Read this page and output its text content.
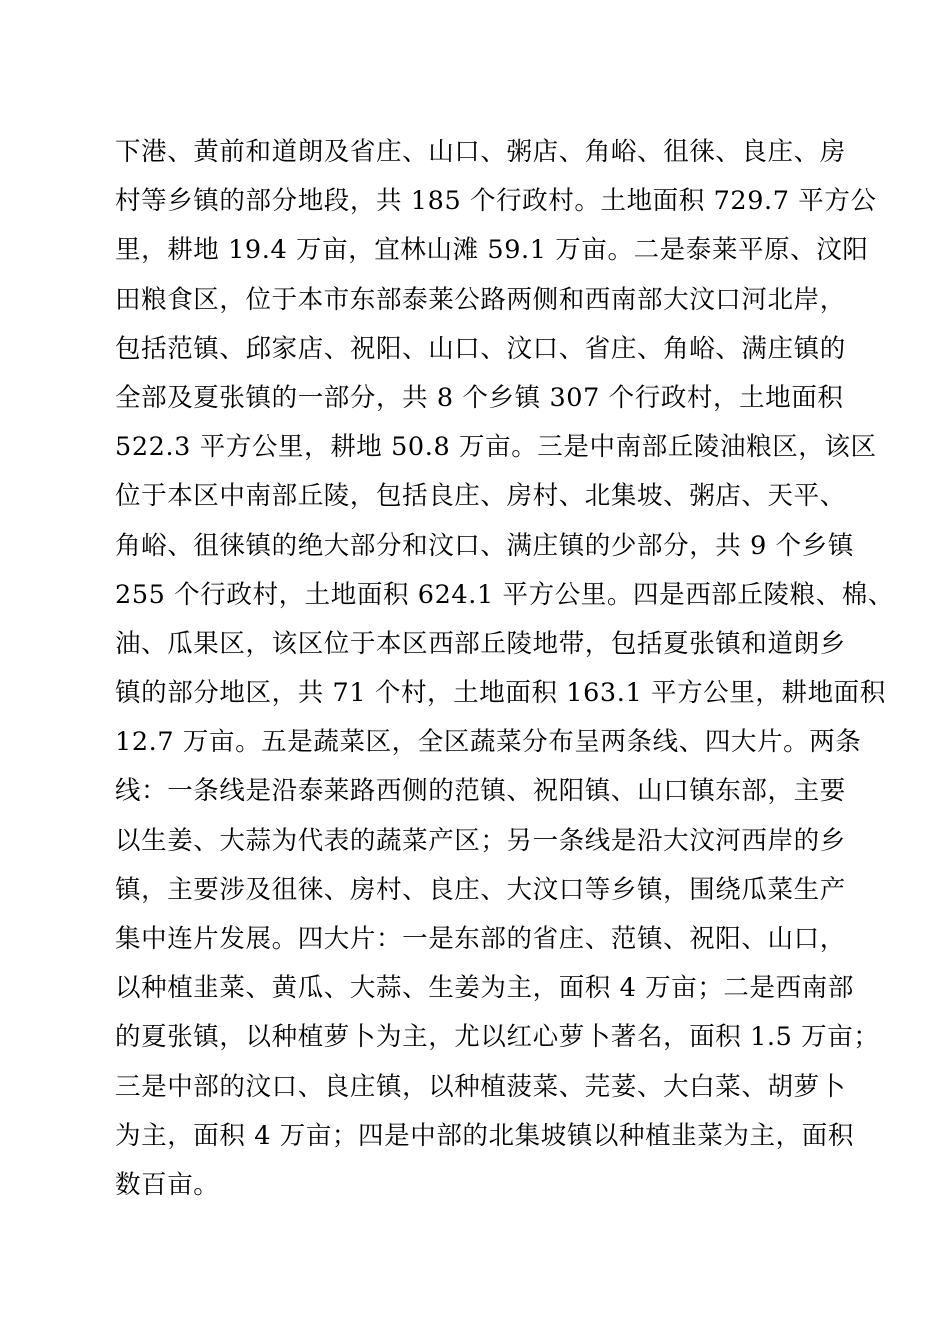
下港、黄前和道朗及省庄、山口、粥店、角峪、徂徕、良庄、房
村等乡镇的部分地段，共 185 个行政村。土地面积 729.7 平方公
里，耕地 19.4 万亩，宜林山滩 59.1 万亩。二是泰莱平原、汶阳
田粮食区，位于本市东部泰莱公路两侧和西南部大汶口河北岸，
包括范镇、邱家店、祝阳、山口、汶口、省庄、角峪、满庄镇的
全部及夏张镇的一部分，共 8 个乡镇 307 个行政村，土地面积
522.3 平方公里，耕地 50.8 万亩。三是中南部丘陵油粮区，该区
位于本区中南部丘陵，包括良庄、房村、北集坡、粥店、天平、
角峪、徂徕镇的绝大部分和汶口、满庄镇的少部分，共 9 个乡镇
255 个行政村，土地面积 624.1 平方公里。四是西部丘陵粮、棉、
油、瓜果区，该区位于本区西部丘陵地带，包括夏张镇和道朗乡
镇的部分地区，共 71 个村，土地面积 163.1 平方公里，耕地面积
12.7 万亩。五是蔬菜区，全区蔬菜分布呈两条线、四大片。两条
线：一条线是沿泰莱路西侧的范镇、祝阳镇、山口镇东部，主要
以生姜、大蒜为代表的蔬菜产区；另一条线是沿大汶河西岸的乡
镇，主要涉及徂徕、房村、良庄、大汶口等乡镇，围绕瓜菜生产
集中连片发展。四大片：一是东部的省庄、范镇、祝阳、山口，
以种植韭菜、黄瓜、大蒜、生姜为主，面积 4 万亩；二是西南部
的夏张镇，以种植萝卜为主，尤以红心萝卜著名，面积 1.5 万亩；
三是中部的汶口、良庄镇，以种植菠菜、芫荽、大白菜、胡萝卜
为主，面积 4 万亩；四是中部的北集坡镇以种植韭菜为主，面积
数百亩。
